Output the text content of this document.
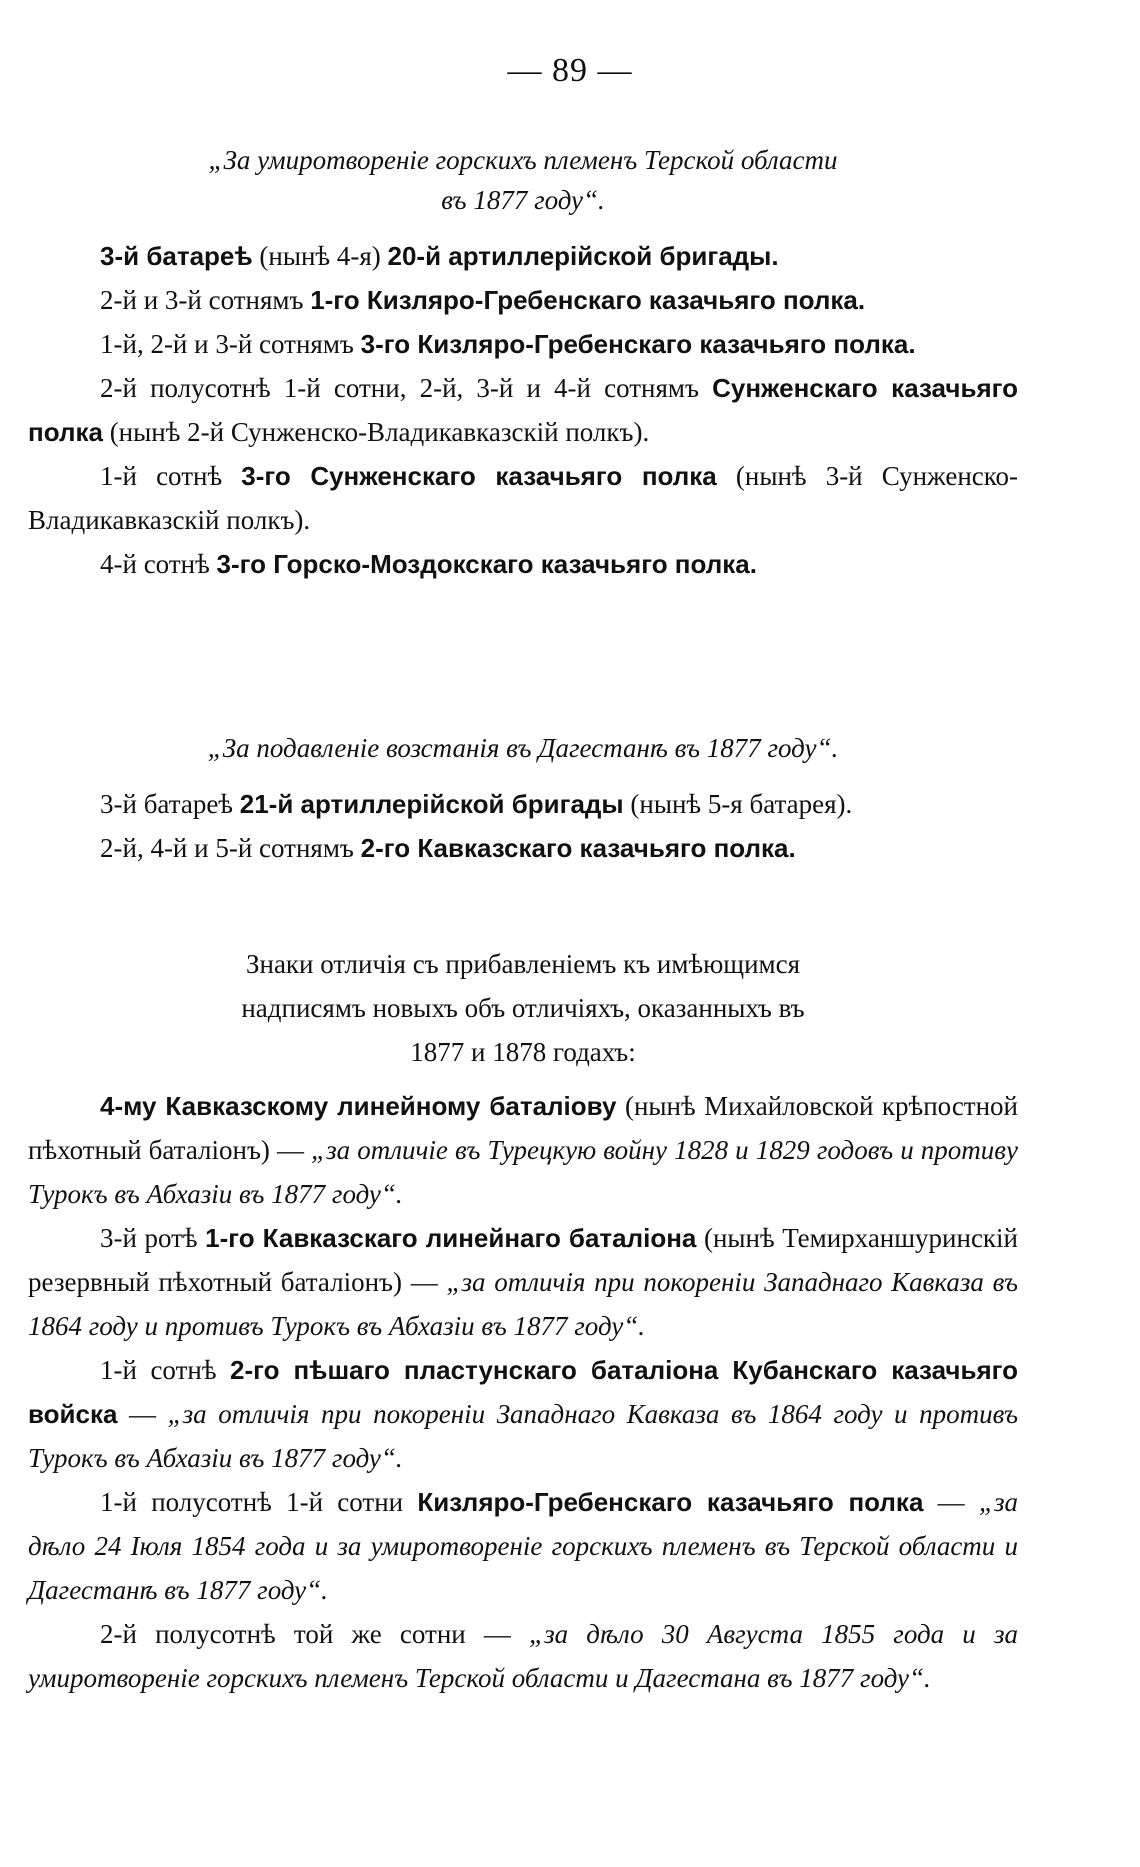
— 89 —

„За умиротвореніе горскихъ племенъ Терской области

въ 1877 году“.

3-й батареѣ (нынѣ 4-я) 20-й артиллерійской бригады.

2-й и 3-й сотнямъ 1-го Кизляро-Гребенскаго казачьяго полка.

1-й, 2-й и 3-й сотнямъ 3-го Кизляро-Гребенскаго казачьяго полка.

2-й полусотнѣ 1-й сотни, 2-й, 3-й и 4-й сотнямъ Сунженскаго казачьяго полка (нынѣ 2-й Сунженско-Владикавказскій полкъ).

1-й сотнѣ 3-го Сунженскаго казачьяго полка (нынѣ 3-й Сунженско-Владикавказскій полкъ).

4-й сотнѣ 3-го Горско-Моздокскаго казачьяго полка.

„За подавленіе возстанія въ Дагестанѣ въ 1877 году“.

3-й батареѣ 21-й артиллерійской бригады (нынѣ 5-я батарея).

2-й, 4-й и 5-й сотнямъ 2-го Кавказскаго казачьяго полка.

Знаки отличія съ прибавленіемъ къ имѣющимся

надписямъ новыхъ объ отличіяхъ, оказанныхъ въ

1877 и 1878 годахъ:

4-му Кавказскому линейному баталіову (нынѣ Михайловской крѣпостной пѣхотный баталіонъ) — „за отличіе въ Турецкую войну 1828 и 1829 годовъ и противу Турокъ въ Абхазіи въ 1877 году“.

3-й ротѣ 1-го Кавказскаго линейнаго баталіона (нынѣ Темирханшуринскій резервный пѣхотный баталіонъ) — „за отличія при покореніи Западнаго Кавказа въ 1864 году и противъ Турокъ въ Абхазіи въ 1877 году“.

1-й сотнѣ 2-го пѣшаго пластунскаго баталіона Кубанскаго казачьяго войска — „за отличія при покореніи Западнаго Кавказа въ 1864 году и противъ Турокъ въ Абхазіи въ 1877 году“.

1-й полусотнѣ 1-й сотни Кизляро-Гребенскаго казачьяго полка — „за дѣло 24 Іюля 1854 года и за умиротвореніе горскихъ племенъ въ Терской области и Дагестанѣ въ 1877 году“.

2-й полусотнѣ той же сотни — „за дѣло 30 Августа 1855 года и за умиротвореніе горскихъ племенъ Терской области и Дагестана въ 1877 году“.
